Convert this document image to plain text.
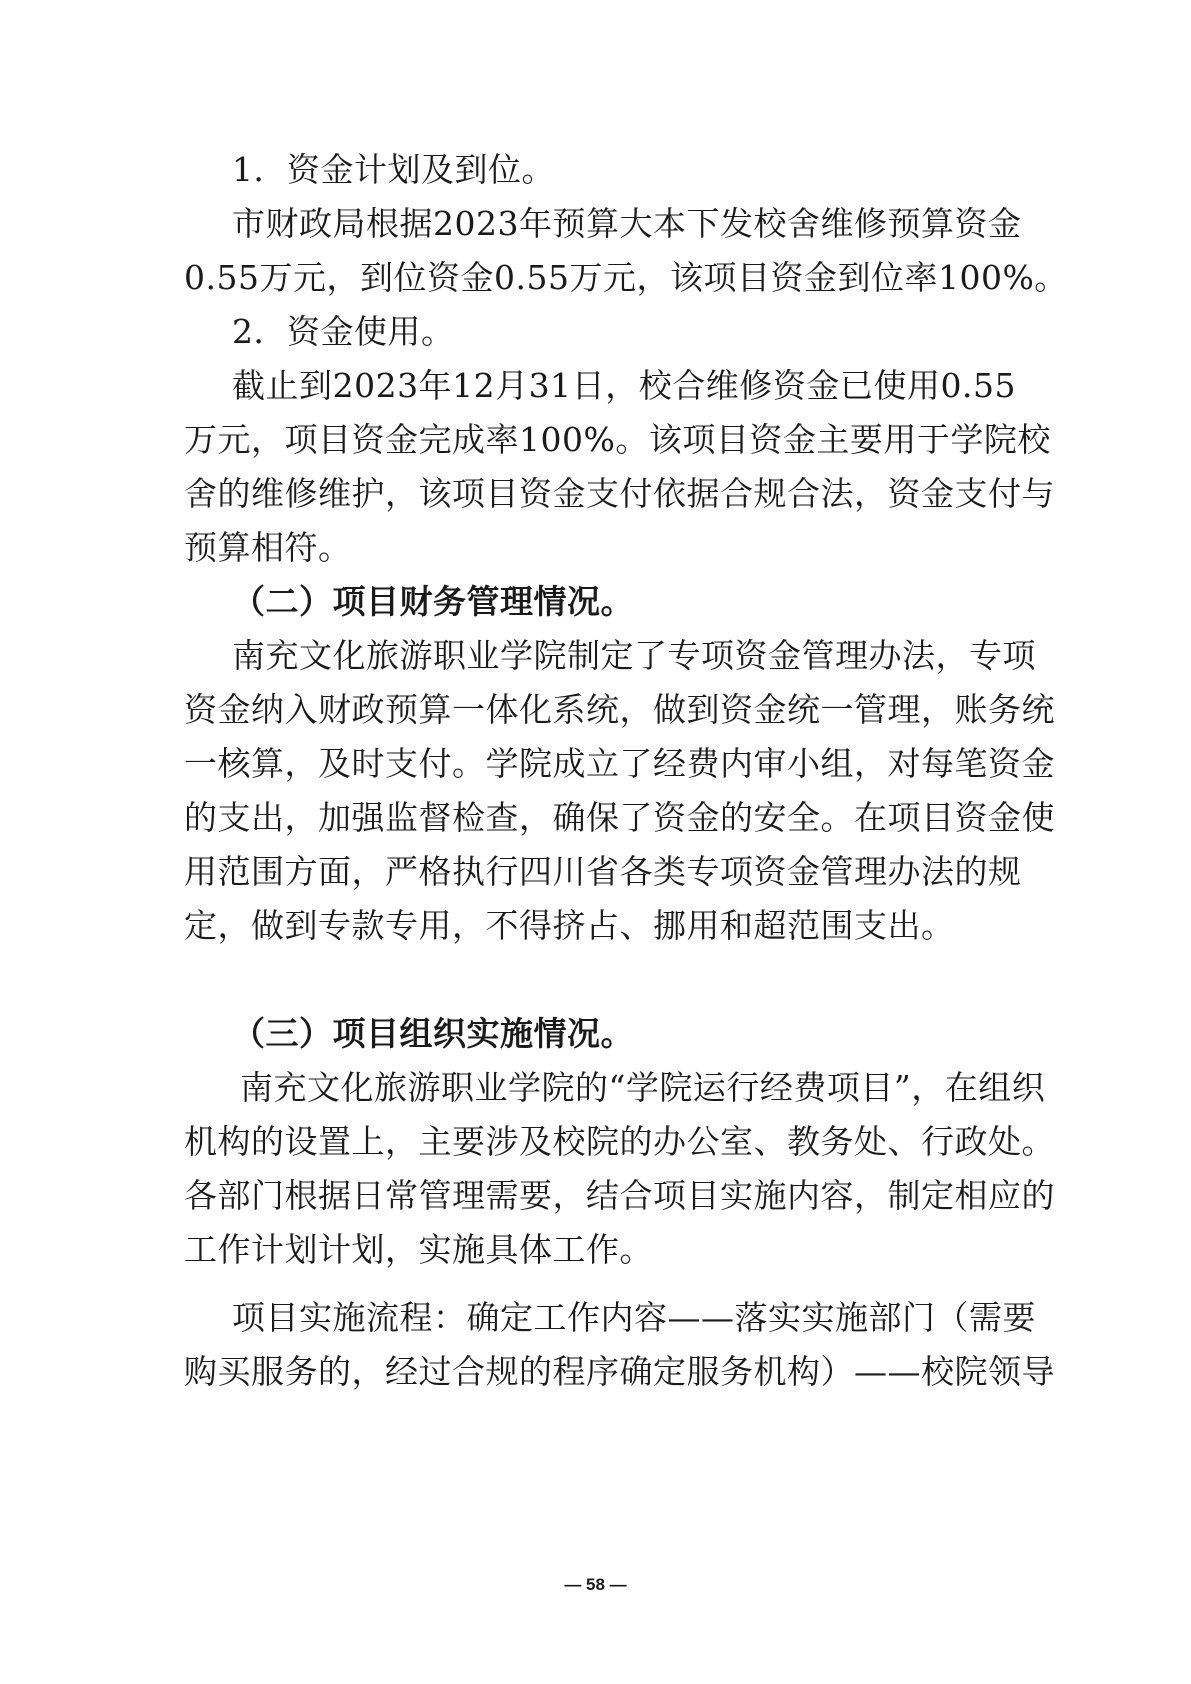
1．资金计划及到位。
市财政局根据2023年预算大本下发校舍维修预算资金
0.55万元，到位资金0.55万元，该项目资金到位率100%。
2．资金使用。
截止到2023年12月31日，校合维修资金已使用0.55
万元，项目资金完成率100%。该项目资金主要用于学院校
舍的维修维护，该项目资金支付依据合规合法，资金支付与
预算相符。
（二）项目财务管理情况。
南充文化旅游职业学院制定了专项资金管理办法，专项
资金纳入财政预算一体化系统，做到资金统一管理，账务统
一核算，及时支付。学院成立了经费内审小组，对每笔资金
的支出，加强监督检查，确保了资金的安全。在项目资金使
用范围方面，严格执行四川省各类专项资金管理办法的规
定，做到专款专用，不得挤占、挪用和超范围支出。
（三）项目组织实施情况。
南充文化旅游职业学院的“学院运行经费项目”，在组织
机构的设置上，主要涉及校院的办公室、教务处、行政处。
各部门根据日常管理需要，结合项目实施内容，制定相应的
工作计划计划，实施具体工作。
项目实施流程：确定工作内容——落实实施部门（需要
购买服务的，经过合规的程序确定服务机构）——校院领导
— 58 —
